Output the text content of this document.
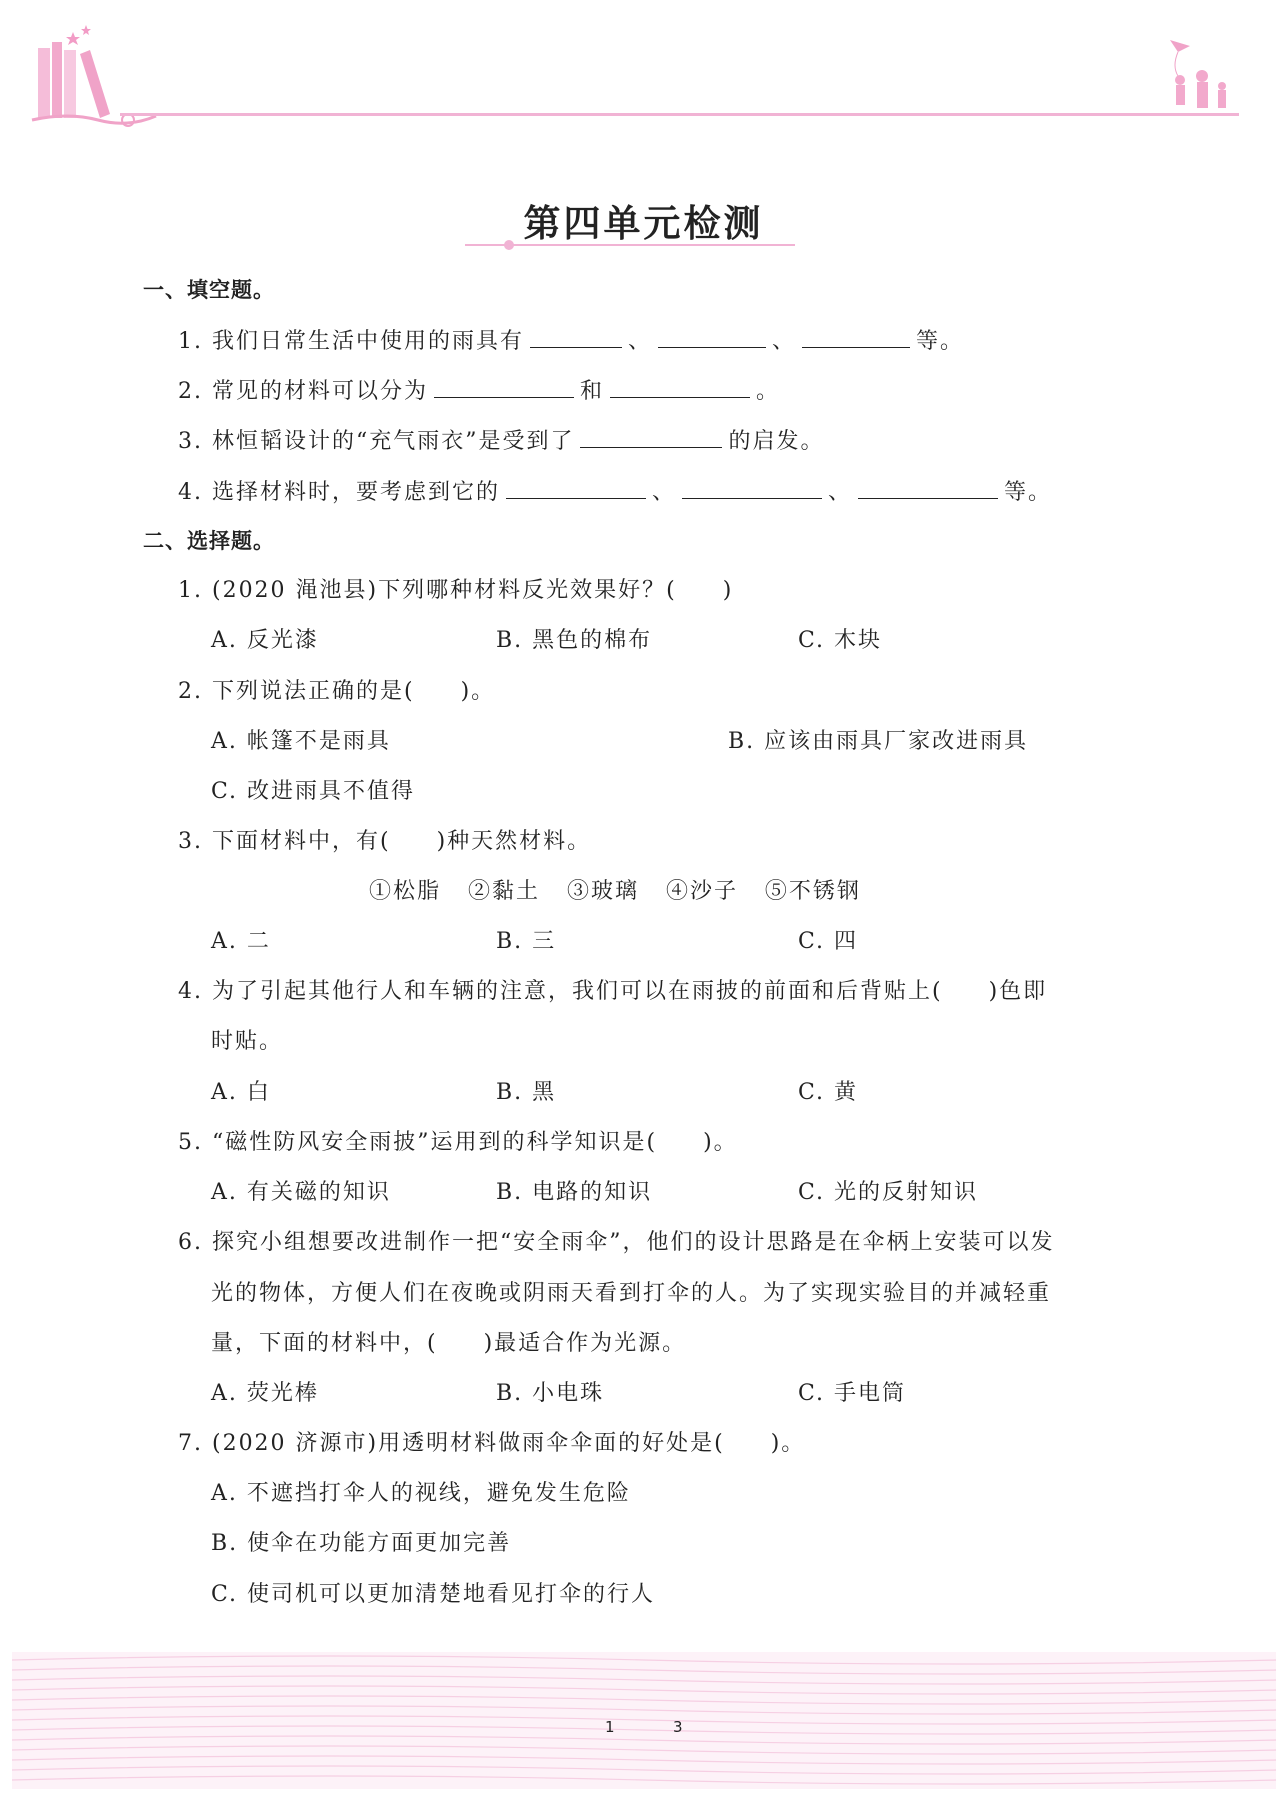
第四单元检测
一、填空题。
1. 我们日常生活中使用的雨具有	、	、	等。
2. 常见的材料可以分为	和	。
3. 林恒韬设计的“充气雨衣”是受到了	的启发。
4. 选择材料时，要考虑到它的	、	、	等。
二、选择题。
1. (2020 渑池县)下列哪种材料反光效果好？( )
A. 反光漆	B. 黑色的棉布	C. 木块
2. 下列说法正确的是( )。
A. 帐篷不是雨具	B. 应该由雨具厂家改进雨具
C. 改进雨具不值得
3. 下面材料中，有( )种天然材料。
①松脂   ②黏土   ③玻璃   ④沙子   ⑤不锈钢
A. 二	B. 三	C. 四
4. 为了引起其他行人和车辆的注意，我们可以在雨披的前面和后背贴上( )色即
时贴。
A. 白	B. 黑	C. 黄
5. “磁性防风安全雨披”运用到的科学知识是( )。
A. 有关磁的知识	B. 电路的知识	C. 光的反射知识
6. 探究小组想要改进制作一把“安全雨伞”，他们的设计思路是在伞柄上安装可以发
光的物体，方便人们在夜晚或阴雨天看到打伞的人。为了实现实验目的并减轻重
量，下面的材料中，( )最适合作为光源。
A. 荧光棒	B. 小电珠	C. 手电筒
7. (2020 济源市)用透明材料做雨伞伞面的好处是( )。
A. 不遮挡打伞人的视线，避免发生危险
B. 使伞在功能方面更加完善
C. 使司机可以更加清楚地看见打伞的行人
1	3
